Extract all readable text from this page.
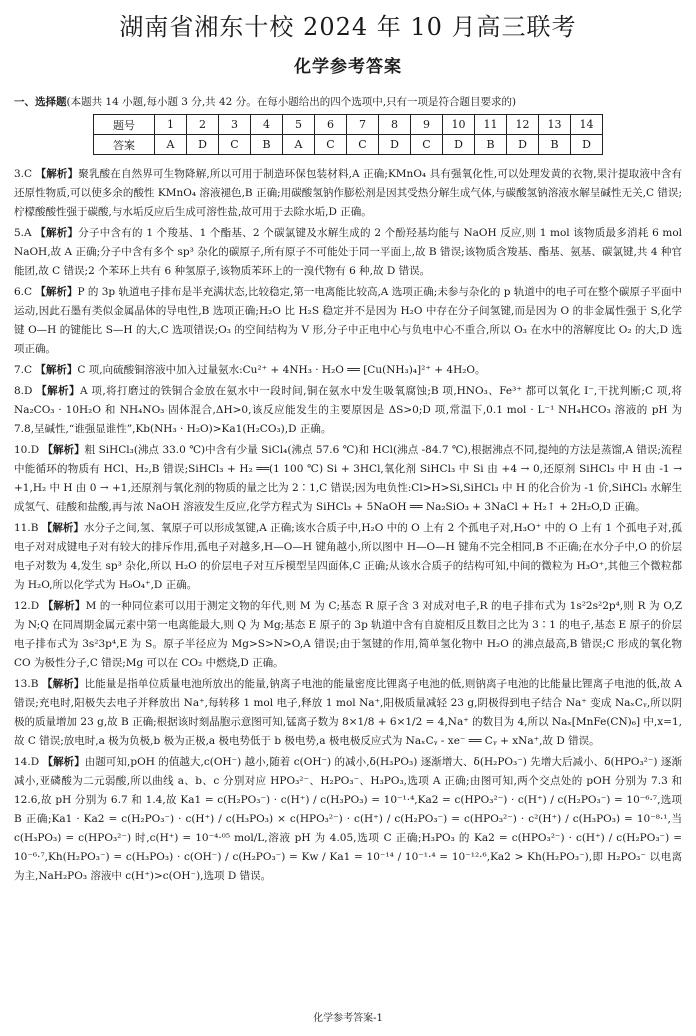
湖南省湘东十校 2024 年 10 月高三联考
化学参考答案
一、选择题(本题共 14 小题,每小题 3 分,共 42 分。在每小题给出的四个选项中,只有一项是符合题目要求的)
题号	1	2	3	4	5	6	7	8	9	10	11	12	13	14
答案	A	D	C	B	A	C	C	D	C	D	B	D	B	D
3.C 【解析】聚乳酸在自然界可生物降解,所以可用于制造环保包装材料,A 正确;KMnO₄ 具有强氧化性,可以处理发黄的衣物,果汁提取液中含有还原性物质,可以使多余的酸性 KMnO₄ 溶液褪色,B 正确;用碳酸氢钠作膨松剂是因其受热分解生成气体,与碳酸氢钠溶液水解呈碱性无关,C 错误;柠檬酸酸性强于碳酸,与水垢反应后生成可溶性盐,故可用于去除水垢,D 正确。
5.A 【解析】分子中含有的 1 个羧基、1 个酯基、2 个碳氯键及水解生成的 2 个酚羟基均能与 NaOH 反应,则 1 mol 该物质最多消耗 6 mol NaOH,故 A 正确;分子中含有多个 sp³ 杂化的碳原子,所有原子不可能处于同一平面上,故 B 错误;该物质含羧基、酯基、氨基、碳氯键,共 4 种官能团,故 C 错误;2 个苯环上共有 6 种氢原子,该物质苯环上的一溴代物有 6 种,故 D 错误。
6.C 【解析】P 的 3p 轨道电子排布是半充满状态,比较稳定,第一电离能比较高,A 选项正确;未参与杂化的 p 轨道中的电子可在整个碳原子平面中运动,因此石墨有类似金属晶体的导电性,B 选项正确;H₂O 比 H₂S 稳定并不是因为 H₂O 中存在分子间氢键,而是因为 O 的非金属性强于 S,化学键 O—H 的键能比 S—H 的大,C 选项错误;O₃ 的空间结构为 V 形,分子中正电中心与负电中心不重合,所以 O₃ 在水中的溶解度比 O₂ 的大,D 选项正确。
7.C 【解析】C 项,向硫酸铜溶液中加入过量氨水:Cu²⁺ + 4NH₃ · H₂O ══ [Cu(NH₃)₄]²⁺ + 4H₂O。
8.D 【解析】A 项,将打磨过的铁铜合金放在氨水中一段时间,铜在氨水中发生吸氧腐蚀;B 项,HNO₃、Fe³⁺ 都可以氧化 I⁻,干扰判断;C 项,将 Na₂CO₃ · 10H₂O 和 NH₄NO₃ 固体混合,ΔH>0,该反应能发生的主要原因是 ΔS>0;D 项,常温下,0.1 mol · L⁻¹ NH₄HCO₃ 溶液的 pH 为 7.8,呈碱性,“谁强显谁性”,Kb(NH₃ · H₂O)>Ka1(H₂CO₃),D 正确。
10.D 【解析】粗 SiHCl₃(沸点 33.0 ℃)中含有少量 SiCl₄(沸点 57.6 ℃)和 HCl(沸点 -84.7 ℃),根据沸点不同,提纯的方法是蒸馏,A 错误;流程中能循环的物质有 HCl、H₂,B 错误;SiHCl₃ + H₂ ══(1 100 ℃) Si + 3HCl,氧化剂 SiHCl₃ 中 Si 由 +4 → 0,还原剂 SiHCl₃ 中 H 由 -1 → +1,H₂ 中 H 由 0 → +1,还原剂与氧化剂的物质的量之比为 2∶1,C 错误;因为电负性:Cl>H>Si,SiHCl₃ 中 H 的化合价为 -1 价,SiHCl₃ 水解生成氢气、硅酸和盐酸,再与浓 NaOH 溶液发生反应,化学方程式为 SiHCl₃ + 5NaOH ══ Na₂SiO₃ + 3NaCl + H₂↑ + 2H₂O,D 正确。
11.B 【解析】水分子之间,氢、氧原子可以形成氢键,A 正确;该水合质子中,H₂O 中的 O 上有 2 个孤电子对,H₃O⁺ 中的 O 上有 1 个孤电子对,孤电子对对成键电子对有较大的排斥作用,孤电子对越多,H—O—H 键角越小,所以图中 H—O—H 键角不完全相同,B 不正确;在水分子中,O 的价层电子对数为 4,发生 sp³ 杂化,所以 H₂O 的价层电子对互斥模型呈四面体,C 正确;从该水合质子的结构可知,中间的微粒为 H₃O⁺,其他三个微粒都为 H₂O,所以化学式为 H₉O₄⁺,D 正确。
12.D 【解析】M 的一种同位素可以用于测定文物的年代,则 M 为 C;基态 R 原子含 3 对成对电子,R 的电子排布式为 1s²2s²2p⁴,则 R 为 O,Z 为 N;Q 在同周期金属元素中第一电离能最大,则 Q 为 Mg;基态 E 原子的 3p 轨道中含有自旋相反且数目之比为 3∶1 的电子,基态 E 原子的价层电子排布式为 3s²3p⁴,E 为 S。原子半径应为 Mg>S>N>O,A 错误;由于氢键的作用,简单氢化物中 H₂O 的沸点最高,B 错误;C 形成的氧化物 CO 为极性分子,C 错误;Mg 可以在 CO₂ 中燃烧,D 正确。
13.B 【解析】比能量是指单位质量电池所放出的能量,钠离子电池的能量密度比锂离子电池的低,则钠离子电池的比能量比锂离子电池的低,故 A 错误;充电时,阳极失去电子并释放出 Na⁺,每转移 1 mol 电子,释放 1 mol Na⁺,阳极质量减轻 23 g,阴极得到电子结合 Na⁺ 变成 NaₓCᵧ,所以阴极的质量增加 23 g,故 B 正确;根据该时刻晶胞示意图可知,锰离子数为 8×1/8 + 6×1/2 = 4,Na⁺ 的数目为 4,所以 Naₓ[MnFe(CN)₆] 中,x=1,故 C 错误;放电时,a 极为负极,b 极为正极,a 极电势低于 b 极电势,a 极电极反应式为 NaₓCᵧ - xe⁻ ══ Cᵧ + xNa⁺,故 D 错误。
14.D 【解析】由题可知,pOH 的值越大,c(OH⁻) 越小,随着 c(OH⁻) 的减小,δ(H₃PO₃) 逐渐增大、δ(H₂PO₃⁻) 先增大后减小、δ(HPO₃²⁻) 逐渐减小,亚磷酸为二元弱酸,所以曲线 a、b、c 分别对应 HPO₃²⁻、H₂PO₃⁻、H₃PO₃,选项 A 正确;由图可知,两个交点处的 pOH 分别为 7.3 和 12.6,故 pH 分别为 6.7 和 1.4,故 Ka1 = c(H₂PO₃⁻) · c(H⁺) / c(H₃PO₃) = 10⁻¹·⁴,Ka2 = c(HPO₃²⁻) · c(H⁺) / c(H₂PO₃⁻) = 10⁻⁶·⁷,选项 B 正确;Ka1 · Ka2 = c(H₂PO₃⁻) · c(H⁺) / c(H₃PO₃) × c(HPO₃²⁻) · c(H⁺) / c(H₂PO₃⁻) = c(HPO₃²⁻) · c²(H⁺) / c(H₃PO₃) = 10⁻⁸·¹,当 c(H₃PO₃) = c(HPO₃²⁻) 时,c(H⁺) = 10⁻⁴·⁰⁵ mol/L,溶液 pH 为 4.05,选项 C 正确;H₃PO₃ 的 Ka2 = c(HPO₃²⁻) · c(H⁺) / c(H₂PO₃⁻) = 10⁻⁶·⁷,Kh(H₂PO₃⁻) = c(H₃PO₃) · c(OH⁻) / c(H₂PO₃⁻) = Kw / Ka1 = 10⁻¹⁴ / 10⁻¹·⁴ = 10⁻¹²·⁶,Ka2 > Kh(H₂PO₃⁻),即 H₂PO₃⁻ 以电离为主,NaH₂PO₃ 溶液中 c(H⁺)>c(OH⁻),选项 D 错误。
化学参考答案-1
